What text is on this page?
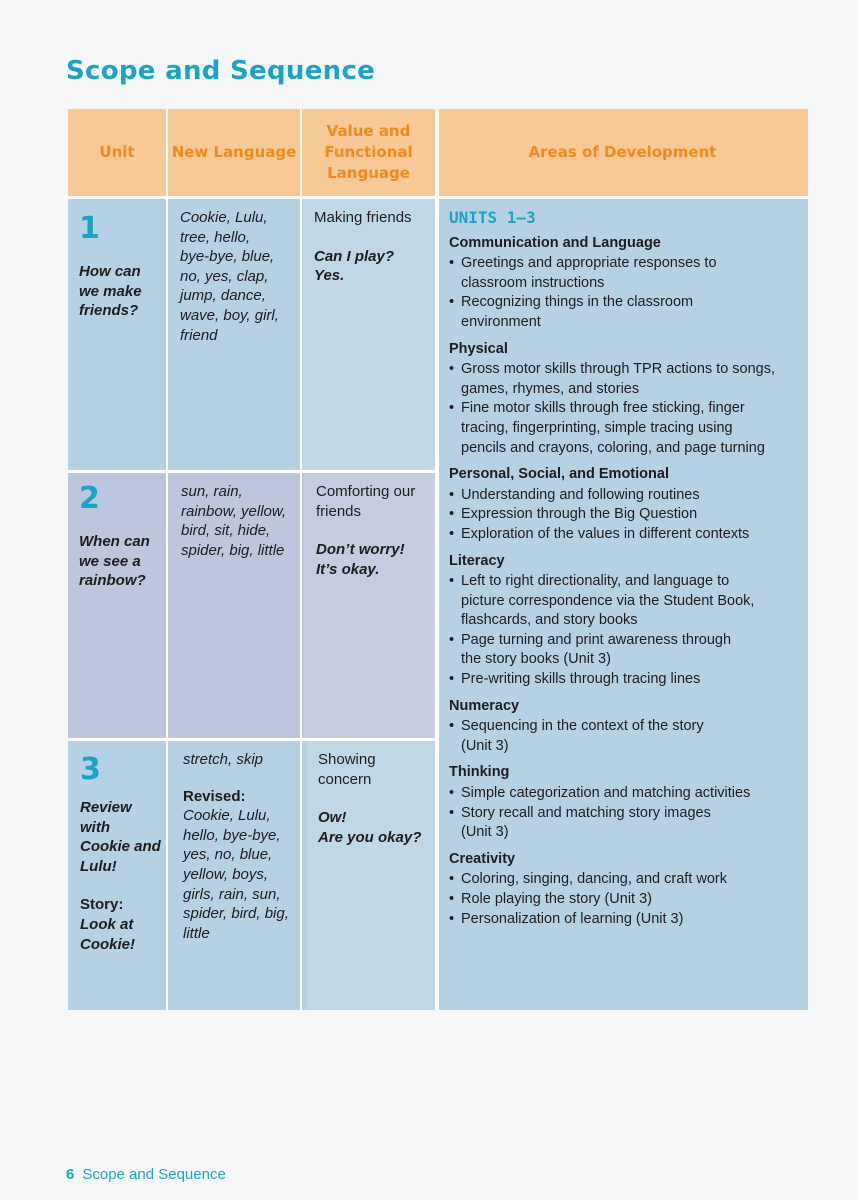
Scope and Sequence
Unit New Language
Value and
Functional
Language
Areas of Development
1
How can
we make
friends?
Cookie, Lulu,
tree, hello,
bye-bye, blue,
no, yes, clap,
jump, dance,
wave, boy, girl,
friend
Making friends
Can I play?
Yes.
2
When can
we see a
rainbow?
sun, rain,
rainbow, yellow,
bird, sit, hide,
spider, big, little
Comforting our
friends
Don’t worry!
It’s okay.
3
Review
with
Cookie and
Lulu!
Story:
Look at
Cookie!
stretch, skip
Revised:
Cookie, Lulu,
hello, bye-bye,
yes, no, blue,
yellow, boys,
girls, rain, sun,
spider, bird, big,
little
Showing
concern
Ow!
Are you okay?
UNITS 1–3
Communication and Language
• Greetings and appropriate responses to
classroom instructions
• Recognizing things in the classroom
environment
Physical
• Gross motor skills through TPR actions to songs,
games, rhymes, and stories
• Fine motor skills through free sticking, finger
tracing, fingerprinting, simple tracing using
pencils and crayons, coloring, and page turning
Personal, Social, and Emotional
• Understanding and following routines
• Expression through the Big Question
• Exploration of the values in different contexts
Literacy
• Left to right directionality, and language to
picture correspondence via the Student Book,
flashcards, and story books
• Page turning and print awareness through
the story books (Unit 3)
• Pre-writing skills through tracing lines
Numeracy
• Sequencing in the context of the story
(Unit 3)
Thinking
• Simple categorization and matching activities
• Story recall and matching story images
(Unit 3)
Creativity
• Coloring, singing, dancing, and craft work
• Role playing the story (Unit 3)
• Personalization of learning (Unit 3)
6 Scope and Sequence
